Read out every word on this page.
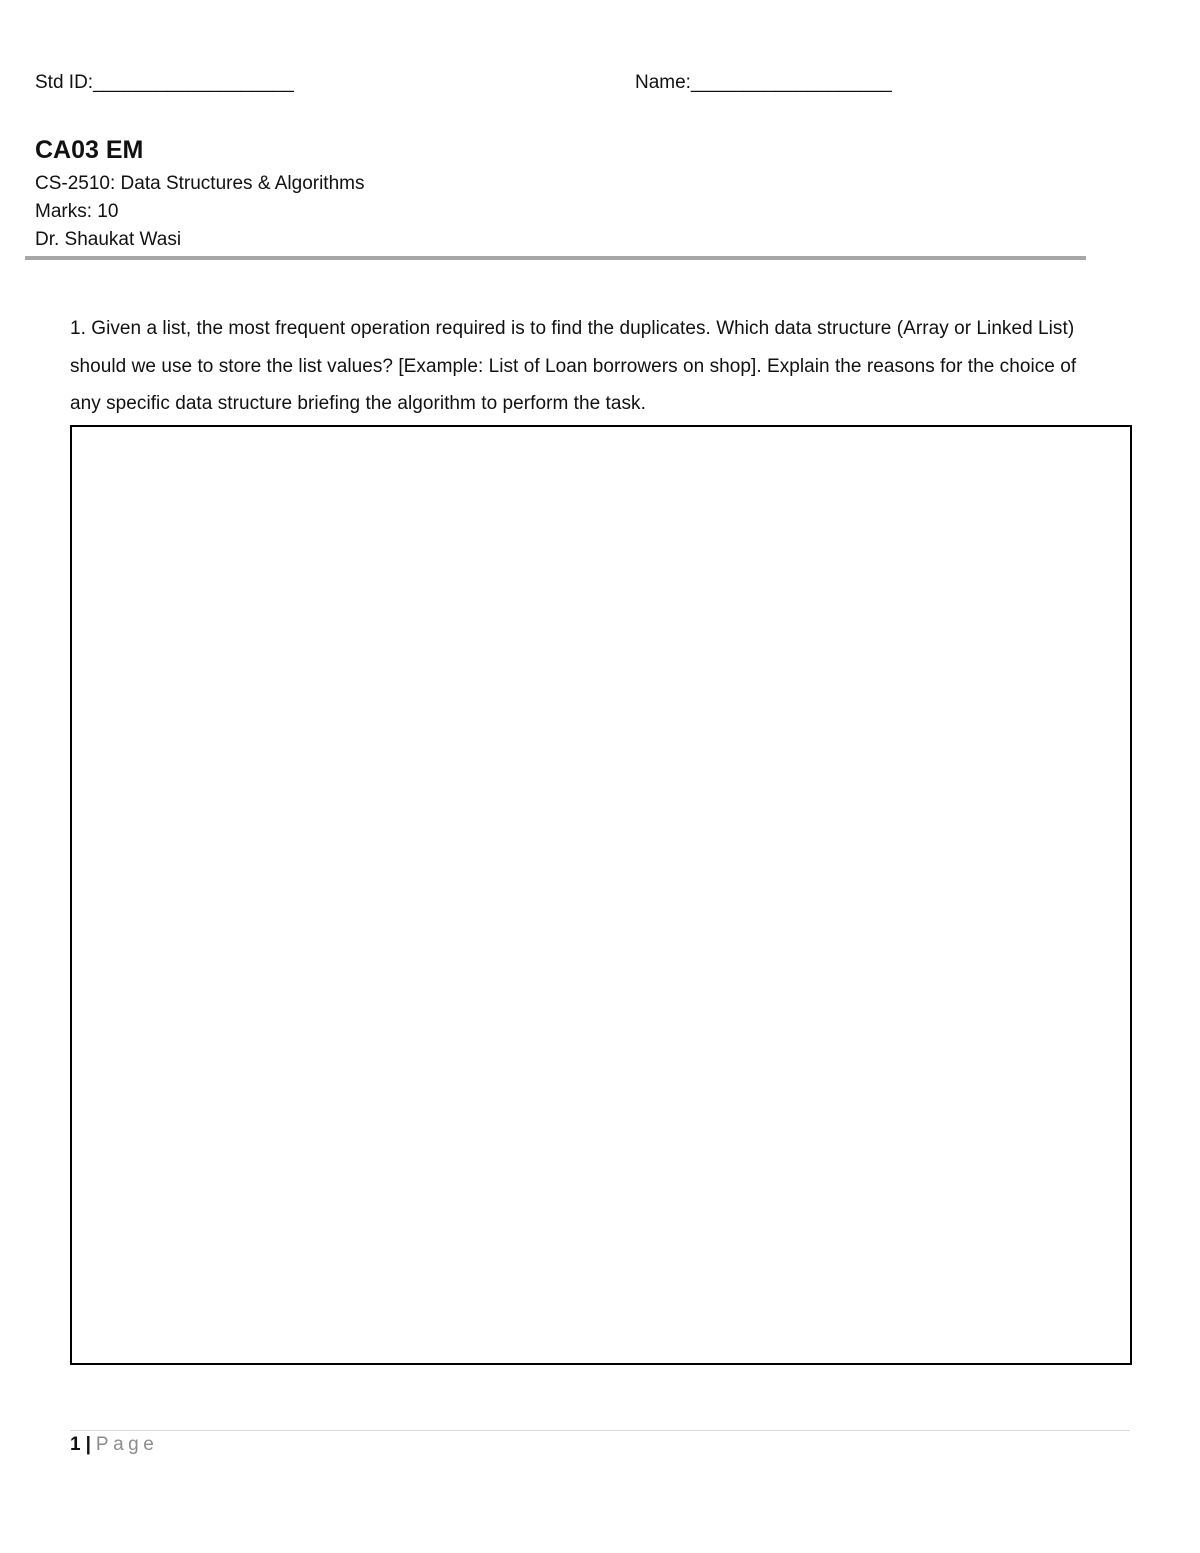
Std ID:___________________	Name:___________________
CA03 EM
CS-2510: Data Structures & Algorithms
Marks: 10
Dr. Shaukat Wasi
1. Given a list, the most frequent operation required is to find the duplicates. Which data structure (Array or Linked List) should we use to store the list values? [Example: List of Loan borrowers on shop]. Explain the reasons for the choice of any specific data structure briefing the algorithm to perform the task.
1 | Page
